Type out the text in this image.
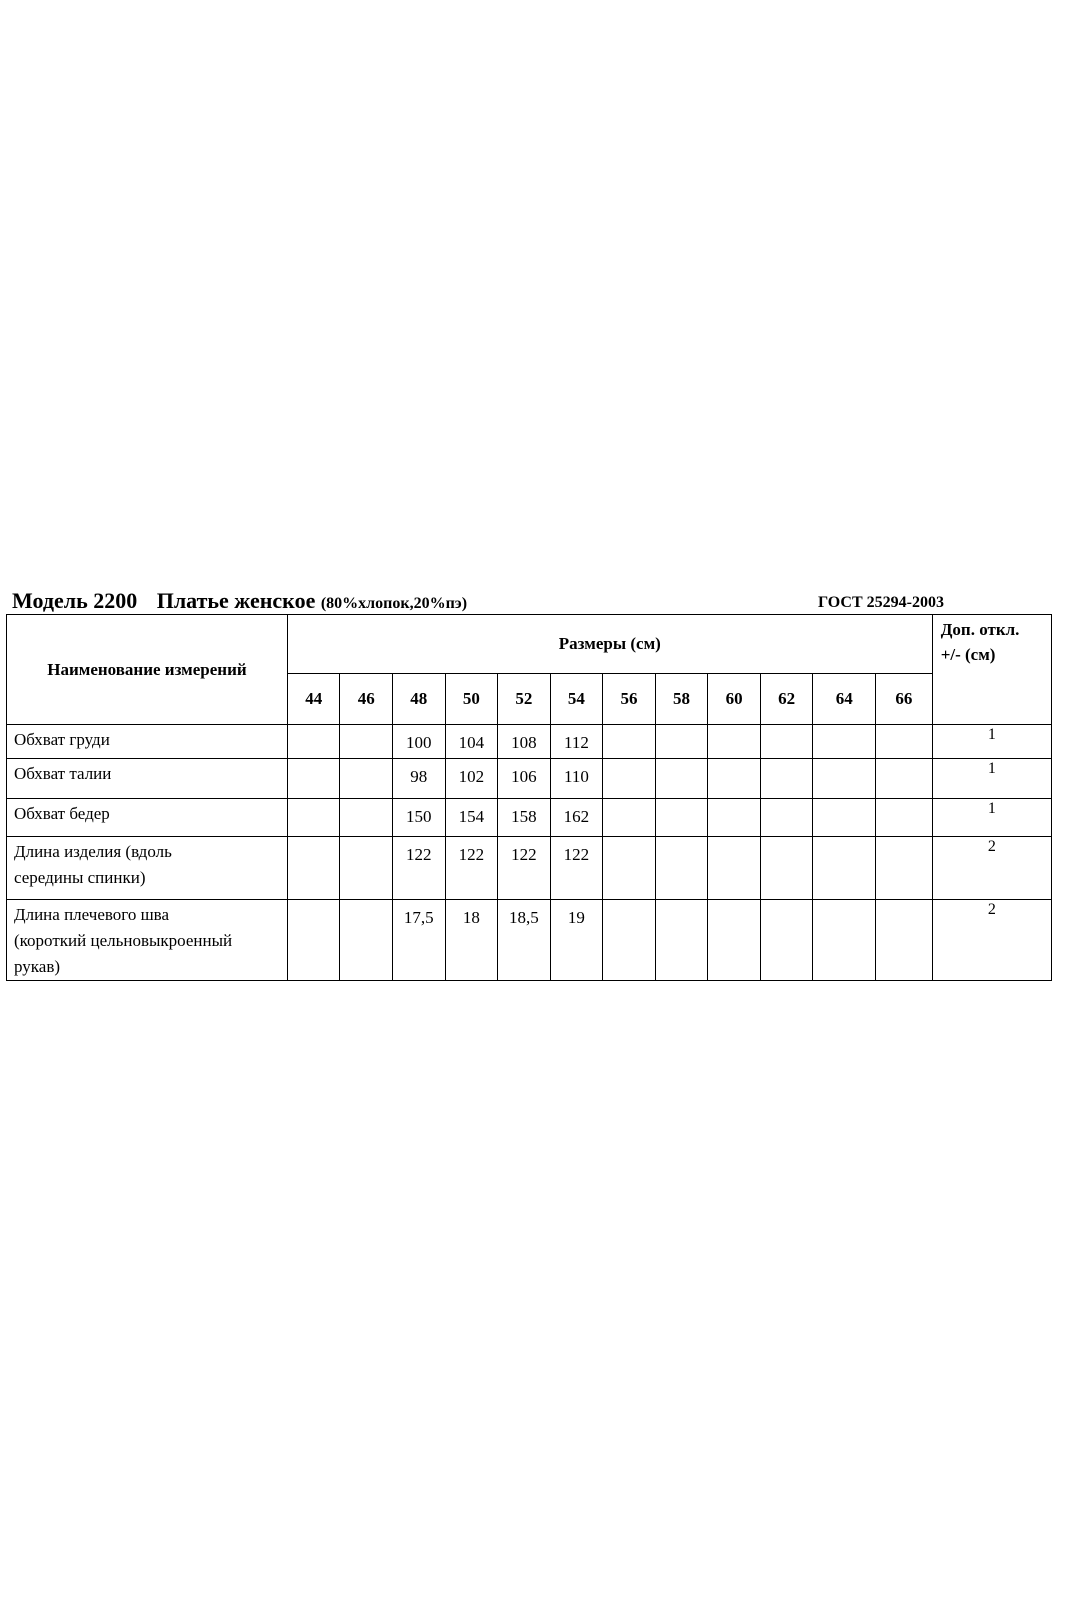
Модель 2200 Платье женское (80%хлопок,20%пэ)	ГОСТ 25294-2003
Наименование измерений	Размеры (см)												Доп. откл.
+/- (см)

	44	46	48	50	52	54	56	58	60	62	64	66	

Обхват груди			100	104	108	112							1

Обхват талии			98	102	106	110							1

Обхват бедер			150	154	158	162							1

Длина изделия (вдоль
середины спинки)			122	122	122	122							2

Длина плечевого шва
(короткий цельновыкроенный
рукав)			17,5	18	18,5	19							2
